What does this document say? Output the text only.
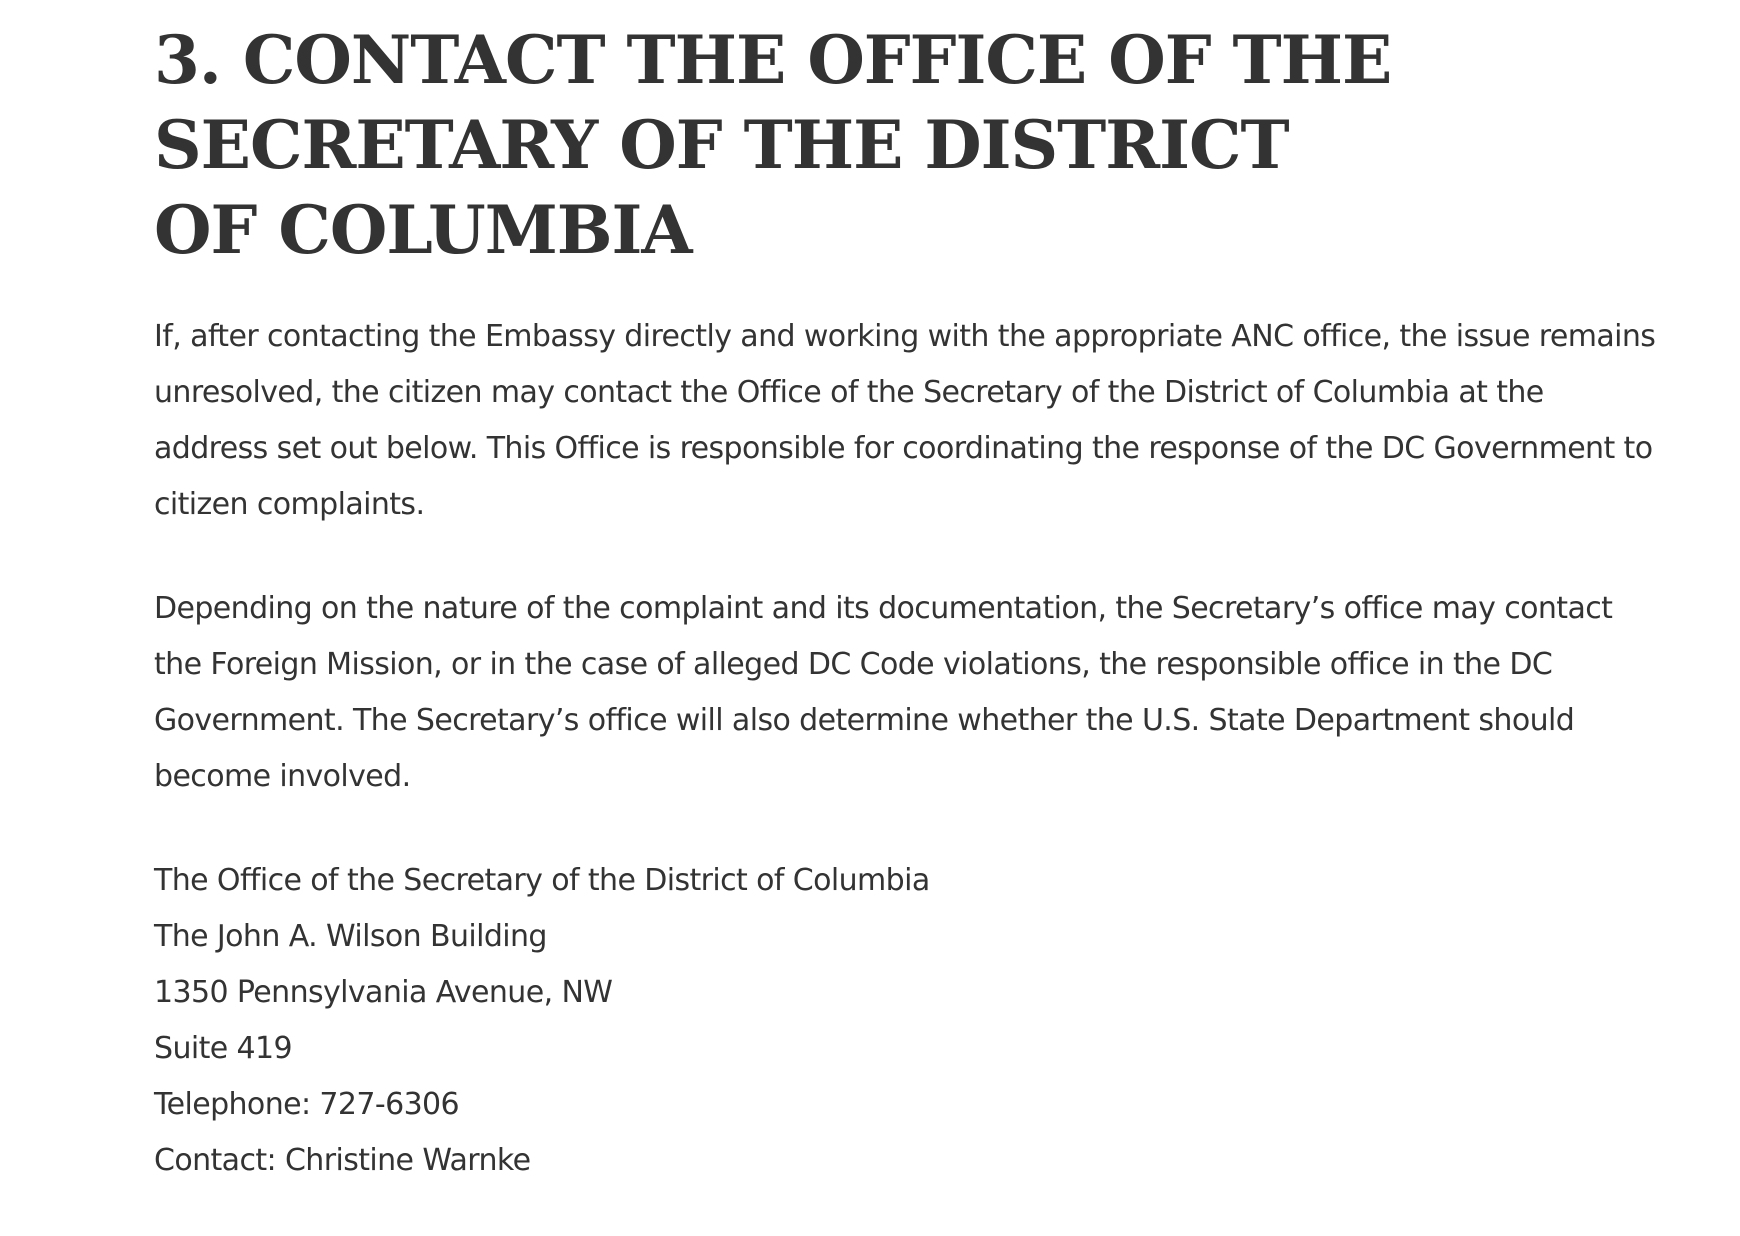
3. CONTACT THE OFFICE OF THE SECRETARY OF THE DISTRICT OF COLUMBIA

If, after contacting the Embassy directly and working with the appropriate ANC office, the issue remains unresolved, the citizen may contact the Office of the Secretary of the District of Columbia at the address set out below. This Office is responsible for coordinating the response of the DC Government to citizen complaints.

Depending on the nature of the complaint and its documentation, the Secretary’s office may contact the Foreign Mission, or in the case of alleged DC Code violations, the responsible office in the DC Government. The Secretary’s office will also determine whether the U.S. State Department should become involved.

The Office of the Secretary of the District of Columbia
The John A. Wilson Building
1350 Pennsylvania Avenue, NW
Suite 419
Telephone: 727-6306
Contact: Christine Warnke
